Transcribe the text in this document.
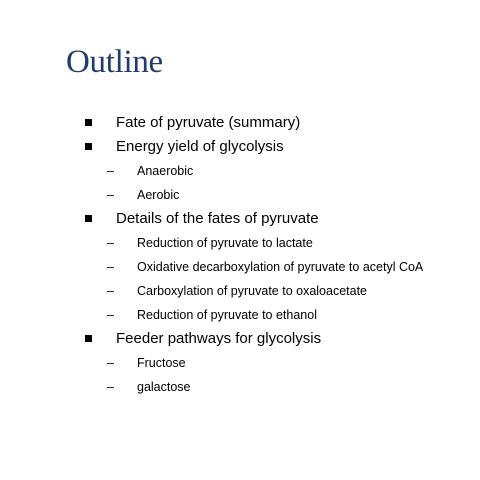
Outline
Fate of pyruvate (summary)
Energy yield of glycolysis
– Anaerobic
– Aerobic
Details of the fates of pyruvate
– Reduction of pyruvate to lactate
– Oxidative decarboxylation of pyruvate to acetyl CoA
– Carboxylation of pyruvate to oxaloacetate
– Reduction of pyruvate to ethanol
Feeder pathways for glycolysis
– Fructose
– galactose
